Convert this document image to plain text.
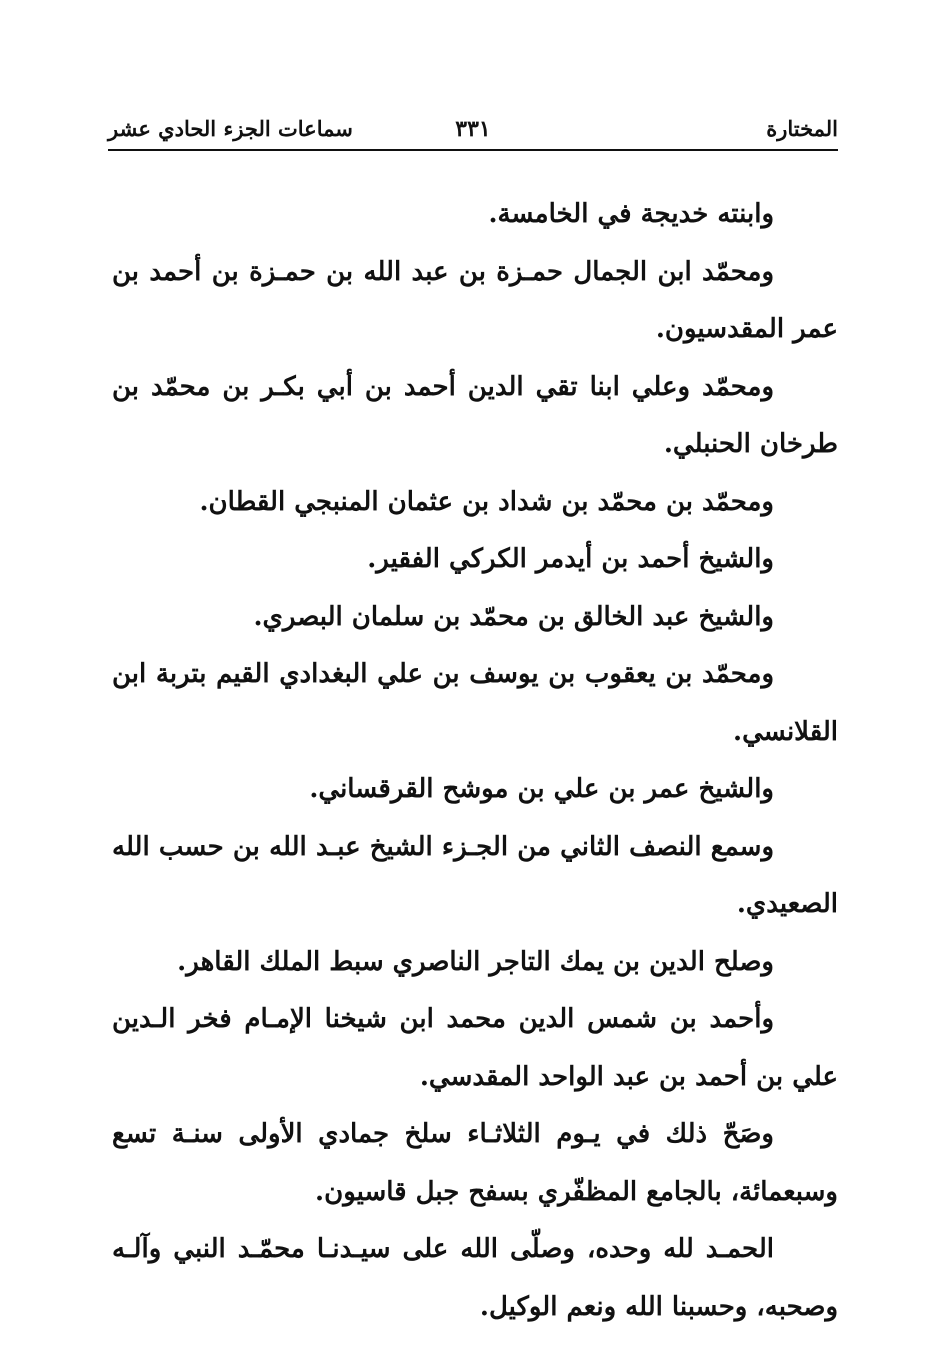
المختارة
٣٣١
سماعات الجزء الحادي عشر

وابنته خديجة في الخامسة.

ومحمّد ابن الجمال حمـزة بن عبد الله بن حمـزة بن أحمد بن عمر المقدسيون.

ومحمّد وعلي ابنا تقي الدين أحمد بن أبي بكـر بن محمّد بن طرخان الحنبلي.

ومحمّد بن محمّد بن شداد بن عثمان المنبجي القطان.

والشيخ أحمد بن أيدمر الكركي الفقير.

والشيخ عبد الخالق بن محمّد بن سلمان البصري.

ومحمّد بن يعقوب بن يوسف بن علي البغدادي القيم بتربة ابن القلانسي.

والشيخ عمر بن علي بن موشح القرقساني.

وسمع النصف الثاني من الجـزء الشيخ عبـد الله بن حسب الله الصعيدي.

وصلح الدين بن يمك التاجر الناصري سبط الملك القاهر.

وأحمد بن شمس الدين محمد ابن شيخنا الإمـام فخر الـدين علي بن أحمد بن عبد الواحد المقدسي.

وصَحّ ذلك في يـوم الثلاثـاء سلخ جمادي الأولى سنـة تسع وسبعمائة، بالجامع المظفّري بسفح جبل قاسيون.

الحمـد لله وحده، وصلّى الله على سيـدنـا محمّـد النبي وآلـه وصحبه، وحسبنا الله ونعم الوكيل.
